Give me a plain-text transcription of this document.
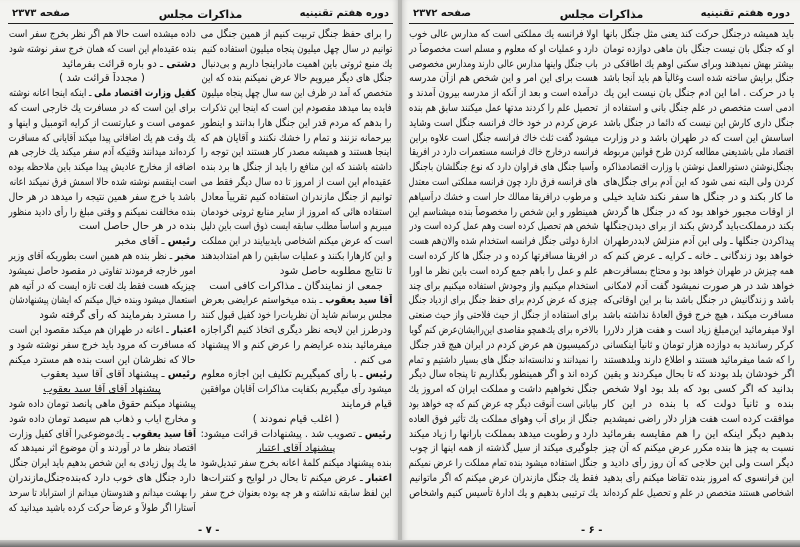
دوره هفتم تقنینیه
مذاکرات مجلس
صفحه ۲۳۷۳
را برای حفظ جنگل تربیت کنیم از همین جنگل می
توانیم در سال چهل میلیون پنجاه میلیون استفاده کنیم
یك منبع ثروتی باین اهمیت مادراینجا داریم و بی‌دنبال
جنگل های دیگر میرویم حالا عرض نمیکنم بنده که این
متخصص که آمد در ظرف این سه سال چهل پنجاه میلیون
فایده بما میدهد مقصودم این است که اینجا این تذکرات
را بدهم که مردم قدر این جنگل هارا بدانند و اینطور
بیرحمانه نزنند و تمام را خشك نکنند و آقایان هم که
اینجا هستند و همیشه مصدر کار هستند این توجه را
داشته باشند که این منافع را باید از جنگل ها برد بنده
عقیده‌ام این است از امروز تا ده سال دیگر فقط می
توانیم از جنگل مازندران استفاده کنیم تقریباً معادل
استفاده هائی که امروز از سایر منابع ثروتی خودمان
میبریم و اساساً مطلب سابقه ایست ذوق است باین دلیل
است که عرض میکنم اشخاصی بایدبیایند در این مملکت
و این کارهارا بکنند و عملیات سابقین را هم امتدادبدهند
تا نتایج مطلوبه حاصل شود
جمعی از نمایندگان ـ مذاکرات کافی است
آقا سید یعقوب ـ بنده میخواستم عرایضی بعرض
مجلس برسانم شاید آن نظریات‌را خود کفیل قبول کنند
ودرطرز این لایحه نظر دیگری اتخاذ کنیم اگراجازه
میفرمائید بنده عرایضم را عرض کنم و الا پیشنهاد
می کنم .
رئیس ـ با رأی کمیگیریم تکلیف این اجازه معلوم
میشود رأی میگیریم بکفایت مذاکرات آقایان موافقین
قیام فرمایند
( اغلب قیام نمودند )
رئیس ـ تصویب شد . پیشنهادات قرائت میشود:
پیشنهاد آقای اعتبار
بنده پیشنهاد میکنم کلمهٔ اعانه بخرج سفر تبدیل‌شود
اعتبار ـ عرض میکنم تا بحال در لوایح و کنترات‌ها
این لفظ سابقه نداشته و هر چه بوده بعنوان خرج سفر
داده میشده است حالا هم اگر نظر بخرج سفر است
بنده عقیده‌ام این است که همان خرج سفر نوشته شود
دشتی ـ دو باره قرائت بفرمائید
( مجدداً قرائت شد )
کفیل وزارت اقتصاد ملی ـ اینکه اینجا اعانه نوشته
برای این است که در مسافرت یك خارجی است که
عمومی است و عبارتست از کرایه اتومبیل و اینها و
یك وقت هم یك اضافاتی پیدا میکند آقایانی که مسافرت
کرده‌اند میدانند وقتیکه آدم سفر میکند یك خارجی هم
اضافه از مخارج عادیش پیدا میکند باین ملاحظه بوده
است اینقسم نوشته شده حالا اسمش فرق نمیکند اعانه
باشد یا خرج سفر همین نتیجه را میدهد در هر حال
بنده مخالفت نمیکنم و وقتی مبلغ را رأی دادید منظور
بنده در هر حال حاصل است
رئیس ـ آقای مخبر
مخبر ـ نظر بنده هم همین است بطوریکه آقای وزیر
امور خارجه فرمودند تفاوتی در مقصود حاصل نمیشود
چیزیکه هست فقط یك لغت تازه ایست که در آتیه هم
استعمال میشود وبنده خیال میکنم که ایشان پیشنهادشان
را مسترد بفرمایند که رأی گرفته شود
اعتبار ـ اعانه در طهران هم میکند مقصود این است
که مسافرت که مرود باید خرج سفر نوشته شود و
حالا که نظرشان این است بنده هم مسترد میکنم
رئیس ـ پیشنهاد آقای آقا سید یعقوب
پیشنهاد آقای آقا سید یعقوب
پیشنهاد میکنم حقوق ماهی پانصد تومان داده شود
و مخارج ایاب و ذهاب هم سیصد تومان داده شود
آقا سید یعقوب ـ یك‌موضوعی‌را آقای کفیل وزارت
اقتصاد بنظر ما در آوردند و آن موضوع اثر نمیدهد که
ما یك پول زیادی به این شخص بدهیم باید ایران جنگل
دارد جنگل های خوب دارد که‌بنده‌جنگل‌مازندران
را بهشت میدانم و هندوستان میدانم از استراباد تا سرحد
آستارا اگر طولاً و عرضاً حرکت کرده باشید میدانید که
- ۷ -
دوره هفتم تقنینیه
مذاکرات مجلس
صفحه ۲۳۷۲
باید همیشه درجنگل حرکت کند یعنی مثل جنگل بانها
او که جنگل بان نیست جنگل بان ماهی دوازده تومان
بیشتر بهش نمیدهند وبرای سکنی اوهم یك اطاقکی در
جنگل برایش ساخته شده است وغالباً هم باید آنجا باشد
یا در حرکت . اما این ادم جنگل بان نیست این یك
ادمی است متخصص در علم جنگل بانی و استفاده از
جنگل داری کارش این نیست که دائما در جنگل باشد
اساسش این است که در طهران باشد و در وزارت
اقتصاد ملی باشدیعنی مطالعه کردن طرح قوانین مربوطه
بجنگل‌نوشتن دستورالعمل نوشتن با وزارت اقتصادمذاکره
کردن ولی البته نمی شود که این آدم برای جنگل‌های
ما کار بکند و در جنگل ها سفر نکند شاید خیلی
از اوقات مجبور خواهد بود که در جنگل ها گردش
بکند درمملکت‌باید گردش بکند از برای دیدن‌جنگلها
پیداکردن جنگلها ـ ولی این آدم منزلش لابد‌درطهران
خواهد بود زندگانی ـ خانه ـ کرایه ـ عرض کنم که
همه چیزش در طهران خواهد بود و محتاج بمسافرت‌هم
خواهد شد در هر صورت نمیشود گفت آدم لامکانی
باشد و زندگانیش در جنگل باشد بنا بر این اوقاتی‌که
مسافرت میکند ، هیچ خرج فوق العادهٔ نداشته باشد
اولا میفرمائید این‌مبلغ زیاد است و هفت هزار دلاررا
کرکر رساندید به دوازده هزار تومان و ثانیاً اینکسانی
را که شما میفرمائید هستند و اطلاع دارند وبلدهستند
اگر خودشان بلد بودند که تا بحال میکردند و یقین
بدانید که اگر کسی بود که بلد بود اولا شخص
بنده و ثانیاً دولت که با بنده در این کار
موافقت کرده است هفت هزار دلار راضی نمیشدیم
بدهیم دیگر اینکه این را هم مقایسه بفرمائید
نسبت به چیز ها بنده مکرر عرض میکنم که آن چیز
دیگر است ولی این حلاجی که آن روز رأی دادید و
این فرانسوی که امروز بنده تقاضا میکنم رأی بدهید
اشخاصی هستند متخصص در علم و تحصیل علم کرده‌اند
اولا فرانسه یك مملکتی است که مدارس عالی خوب
دارد و عملیات او که معلوم و مسلم است مخصوصاً در
باب جنگل واینها مدارس عالی دارند ومدارس مخصوصی
هست برای این امر و این شخص هم ازآن مدرسه
درآمده است و بعد از آنکه از مدرسه بیرون آمدند و
تحصیل علم را کردند مدتها عمل میکنند سابق هم بنده
عرض کردم در خود خاك فرانسه جنگل است وشاید
میشود گفت ثلث خاك فرانسه جنگل است علاوه براین
فرانسه درخارج خاك فرانسه مستعمرات دارد در افریقا
وآسیا جنگل های فراوان دارد که نوع جنگلشان باجنگل
های فرانسه فرق دارد چون فرانسه مملکتی است معتدل
و مرطوب درافریقا ممالك حار است و خشك درآسیاهم
همینطور و این شخص را مخصوصاً بنده میشناسم این
شخص هم تحصیل کرده است وهم عمل کرده است ودر
ادارهٔ دولتی جنگل فرانسه استخدام شده والان‌هم هست
در افریقا مسافرتها کرده و در جنگل ها کار کرده است
علم و عمل را باهم جمع کرده است باین نظر ما اورا
استخدام میکنیم واز وجودش استفاده میکنیم برای چند
چیزی که عرض کردم برای حفظ جنگل برای ازدیاد جنگل
برای استفاده از جنگل از حیث فلاحتی واز حیث صنعتی
بالاخره برای یك‌همچو مقاصدی این‌راایشان‌عرض کنم گویا
درکمیسیون هم عرض کردم در ایران هیچ قدر جنگل
را نمیدانند و ندانسته‌اند جنگل های بسیار داشتیم و تمام
کرده اند و اگر همینطور بگذاریم تا پنجاه سال دیگر
جنگل نخواهیم داشت و مملکت ایران که امروز یك
بیابانی است آنوقت دیگر چه عرض کنم که چه خواهد بود
جنگل از برای آب وهوای مملکت یك تأثیر فوق العاده
دارد و رطوبت میدهد بمملکت بارانها را زیاد میکند
جلوگیری میکند از سیل گذشته از همه اینها از چوب
جنگل استفاده میشود بنده تمام مملکت را عرض نمیکنم
فقط یك جنگل مازندران عرض میکنم که اگر ماتوانیم
یك ترتیبی بدهیم و یك ادارهٔ تأسیس کنیم واشخاص
- ۶ -
